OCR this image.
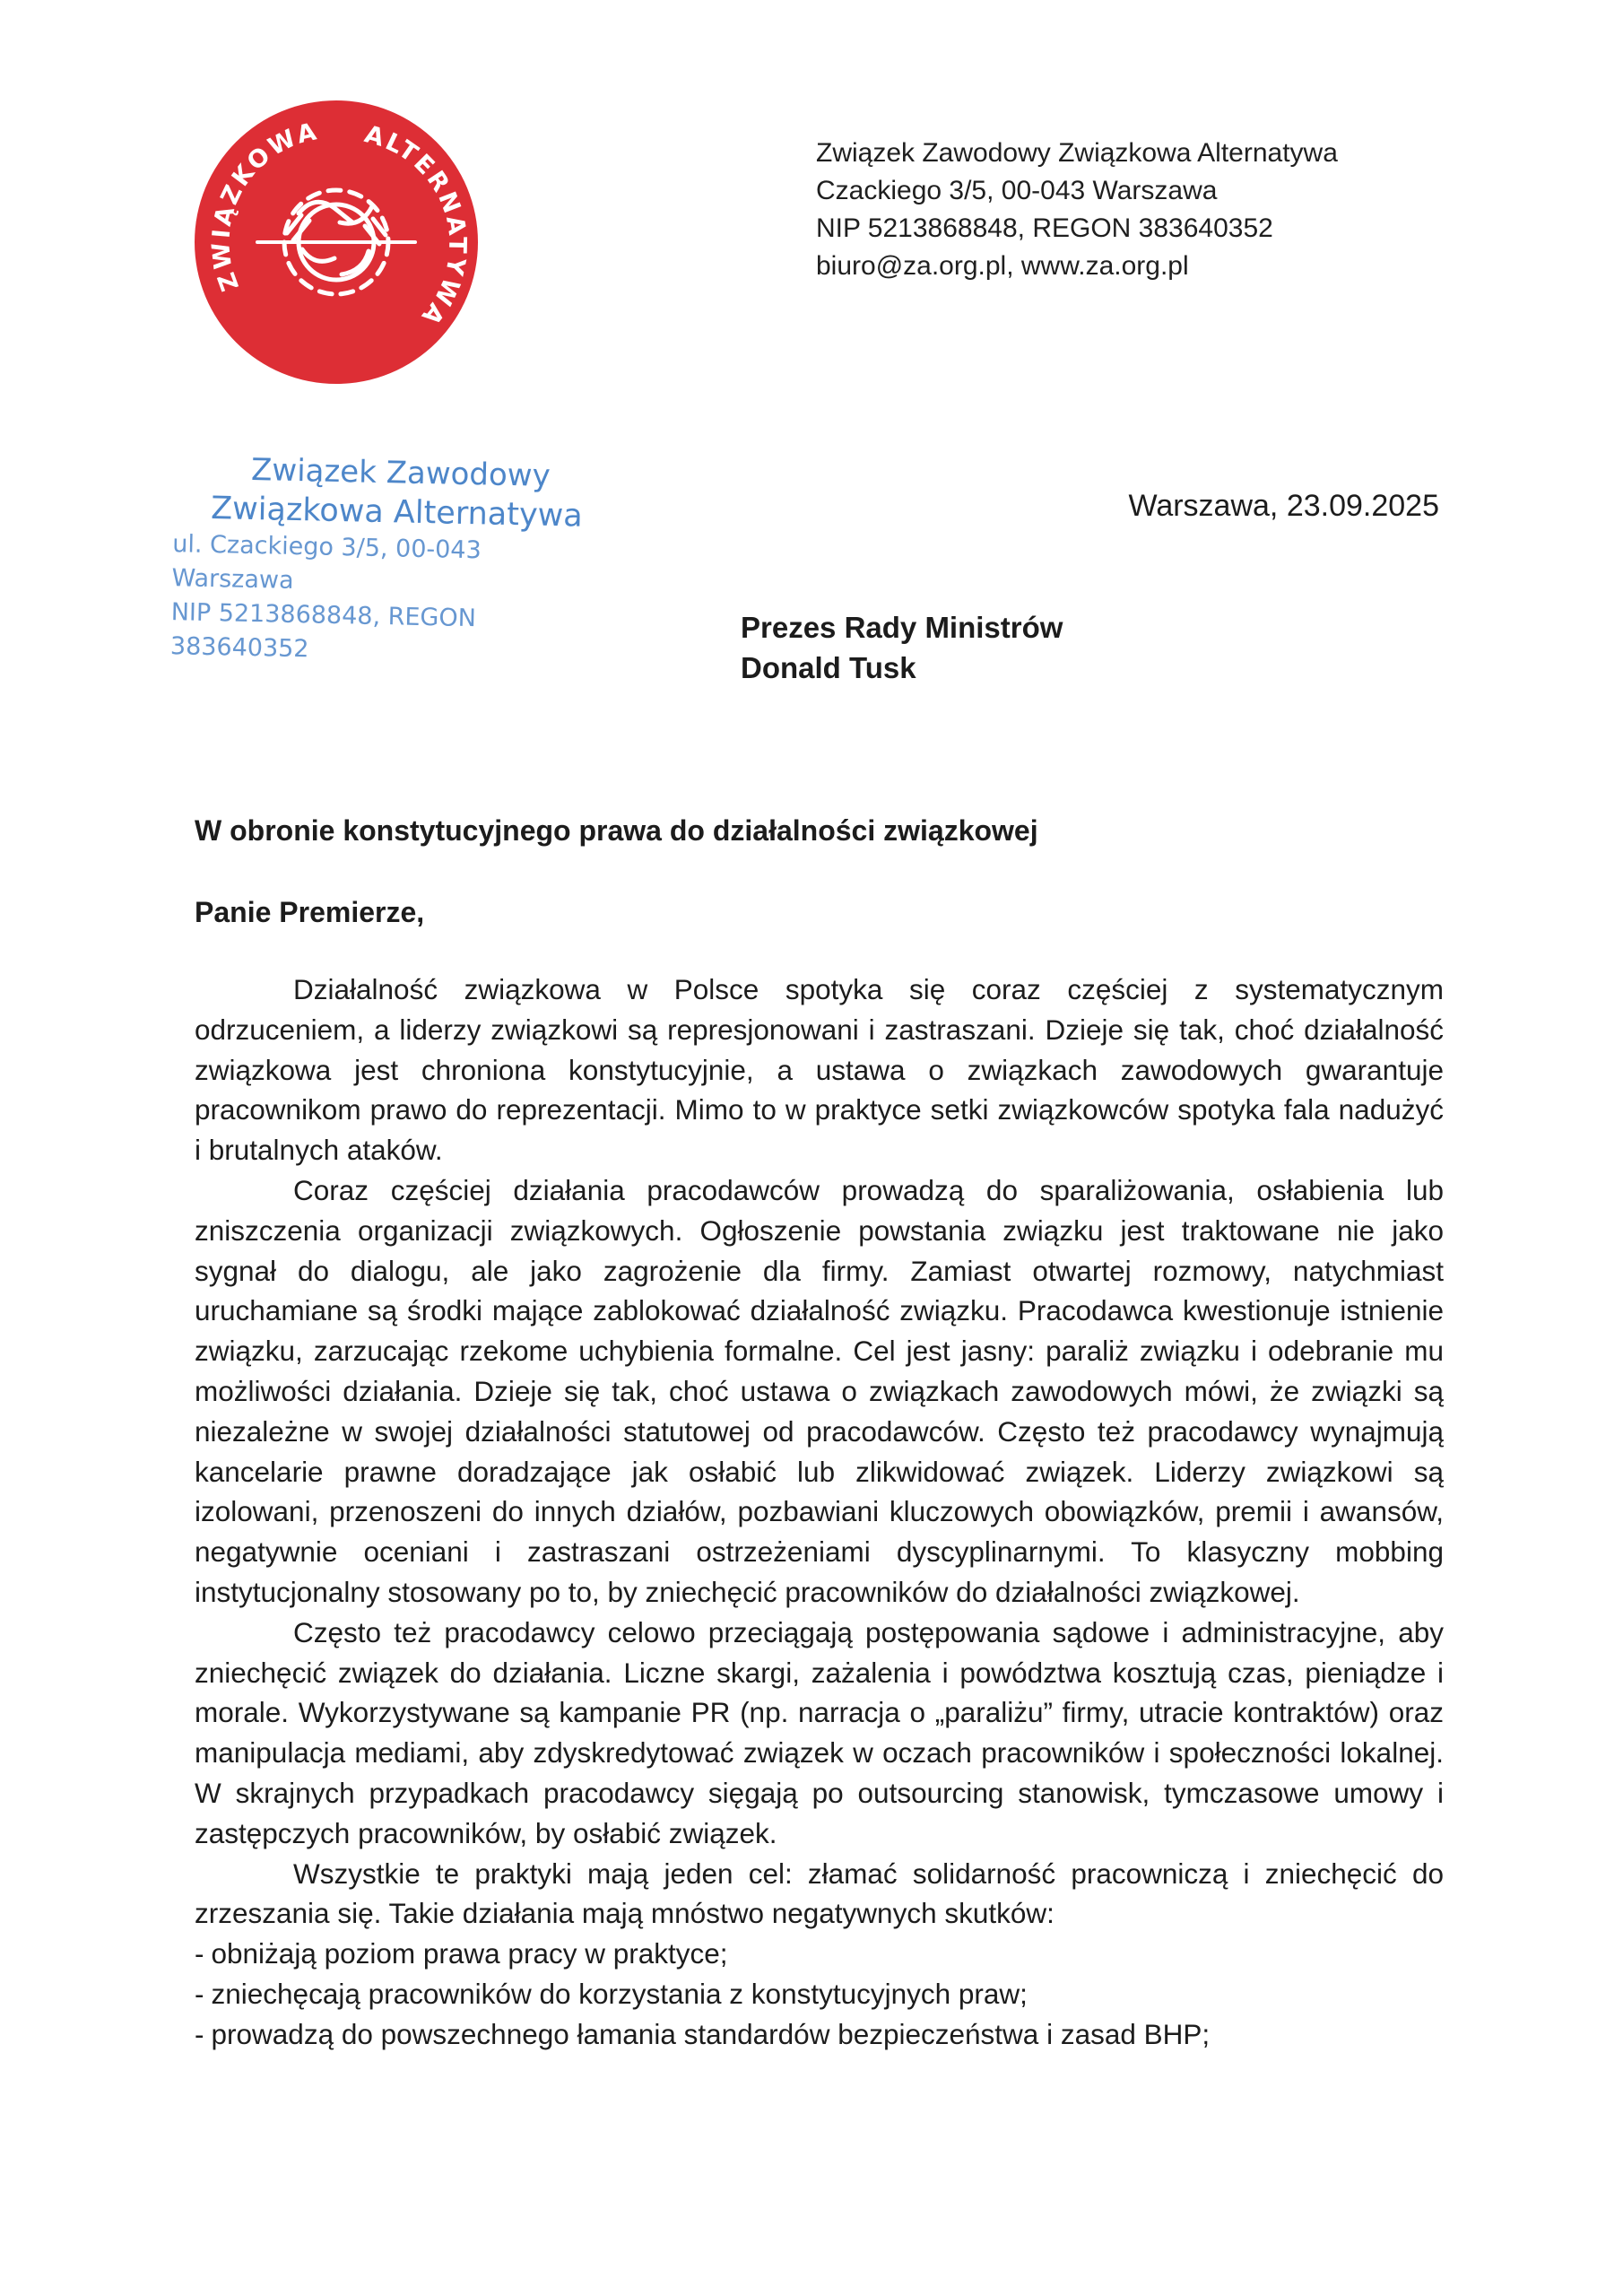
ZWIĄZKOWA ALTERNATYWA
Związek Zawodowy Związkowa Alternatywa
Czackiego 3/5, 00-043 Warszawa
NIP 5213868848, REGON 383640352
biuro@za.org.pl, www.za.org.pl
Związek Zawodowy
Związkowa Alternatywa
ul. Czackiego 3/5, 00-043 Warszawa
NIP 5213868848, REGON 383640352
Warszawa, 23.09.2025
Prezes Rady Ministrów
Donald Tusk
W obronie konstytucyjnego prawa do działalności związkowej
Panie Premierze,

Działalność związkowa w Polsce spotyka się coraz częściej z systematycznym odrzuceniem, a liderzy związkowi są represjonowani i zastraszani. Dzieje się tak, choć działalność związkowa jest chroniona konstytucyjnie, a ustawa o związkach zawodowych gwarantuje pracownikom prawo do reprezentacji. Mimo to w praktyce setki związkowców spotyka fala nadużyć i brutalnych ataków.

Coraz częściej działania pracodawców prowadzą do sparaliżowania, osłabienia lub zniszczenia organizacji związkowych. Ogłoszenie powstania związku jest traktowane nie jako sygnał do dialogu, ale jako zagrożenie dla firmy. Zamiast otwartej rozmowy, natychmiast uruchamiane są środki mające zablokować działalność związku. Pracodawca kwestionuje istnienie związku, zarzucając rzekome uchybienia formalne. Cel jest jasny: paraliż związku i odebranie mu możliwości działania. Dzieje się tak, choć ustawa o związkach zawodowych mówi, że związki są niezależne w swojej działalności statutowej od pracodawców. Często też pracodawcy wynajmują kancelarie prawne doradzające jak osłabić lub zlikwidować związek. Liderzy związkowi są izolowani, przenoszeni do innych działów, pozbawiani kluczowych obowiązków, premii i awansów, negatywnie oceniani i zastraszani ostrzeżeniami dyscyplinarnymi. To klasyczny mobbing instytucjonalny stosowany po to, by zniechęcić pracowników do działalności związkowej.

Często też pracodawcy celowo przeciągają postępowania sądowe i administracyjne, aby zniechęcić związek do działania. Liczne skargi, zażalenia i powództwa kosztują czas, pieniądze i morale. Wykorzystywane są kampanie PR (np. narracja o „paraliżu” firmy, utracie kontraktów) oraz manipulacja mediami, aby zdyskredytować związek w oczach pracowników i społeczności lokalnej. W skrajnych przypadkach pracodawcy sięgają po outsourcing stanowisk, tymczasowe umowy i zastępczych pracowników, by osłabić związek.

Wszystkie te praktyki mają jeden cel: złamać solidarność pracowniczą i zniechęcić do zrzeszania się. Takie działania mają mnóstwo negatywnych skutków:

- obniżają poziom prawa pracy w praktyce;
- zniechęcają pracowników do korzystania z konstytucyjnych praw;
- prowadzą do powszechnego łamania standardów bezpieczeństwa i zasad BHP;
